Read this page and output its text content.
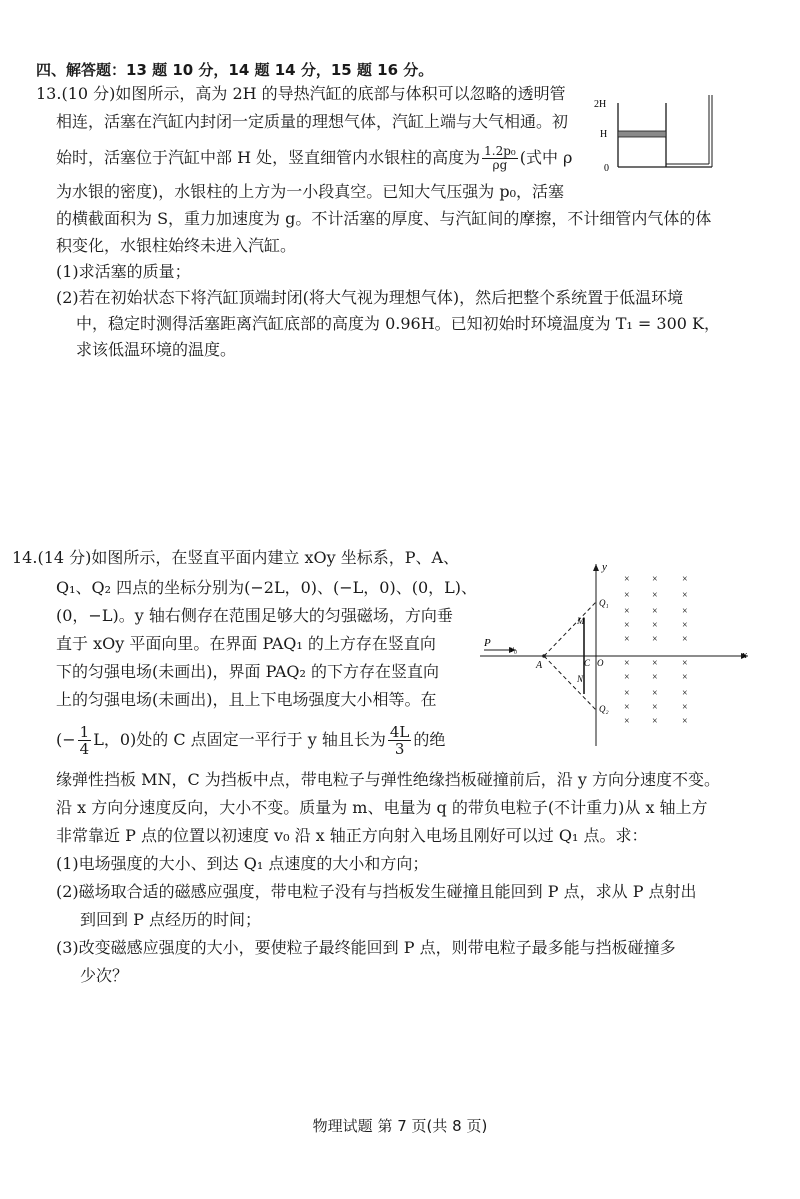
四、解答题：13 题 10 分，14 题 14 分，15 题 16 分。
13.(10 分)如图所示，高为 2H 的导热汽缸的底部与体积可以忽略的透明管
相连，活塞在汽缸内封闭一定质量的理想气体，汽缸上端与大气相通。初
始时，活塞位于汽缸中部 H 处，竖直细管内水银柱的高度为 $\frac{\text{1.2p₀}}{\rho g}$ (式中 ρ
为水银的密度)，水银柱的上方为一小段真空。已知大气压强为 p₀，活塞
的横截面积为 S，重力加速度为 g。不计活塞的厚度、与汽缸间的摩擦，不计细管内气体的体
积变化，水银柱始终未进入汽缸。
(1)求活塞的质量；
(2)若在初始状态下将汽缸顶端封闭(将大气视为理想气体)，然后把整个系统置于低温环境
中，稳定时测得活塞距离汽缸底部的高度为 0.96H。已知初始时环境温度为 T₁ = 300 K，
求该低温环境的温度。
2H
H
0
14.(14 分)如图所示，在竖直平面内建立 xOy 坐标系，P、A、
Q₁、Q₂ 四点的坐标分别为(−2L，0)、(−L，0)、(0，L)、
(0，−L)。y 轴右侧存在范围足够大的匀强磁场，方向垂
直于 xOy 平面向里。在界面 PAQ₁ 的上方存在竖直向
下的匀强电场(未画出)，界面 PAQ₂ 的下方存在竖直向
上的匀强电场(未画出)，且上下电场强度大小相等。在
(− $\frac{1}{4}$ L，0)处的 C 点固定一平行于 y 轴且长为 $\frac{4L}{3}$ 的绝
缘弹性挡板 MN，C 为挡板中点，带电粒子与弹性绝缘挡板碰撞前后，沿 y 方向分速度不变。
沿 x 方向分速度反向，大小不变。质量为 m、电量为 q 的带负电粒子(不计重力)从 x 轴上方
非常靠近 P 点的位置以初速度 v₀ 沿 x 轴正方向射入电场且刚好可以过 Q₁ 点。求：
(1)电场强度的大小、到达 Q₁ 点速度的大小和方向；
(2)磁场取合适的磁感应强度，带电粒子没有与挡板发生碰撞且能回到 P 点，求从 P 点射出
到回到 P 点经历的时间；
(3)改变磁感应强度的大小，要使粒子最终能回到 P 点，则带电粒子最多能与挡板碰撞多
少次？
y
x
P v₀
A
M
N
C O
Q₁
Q₂
× × ×
× × ×
× × ×
× × ×
× × ×
× × ×
× × ×
× × ×
× × ×
× × ×
物理试题 第 7 页(共 8 页)
